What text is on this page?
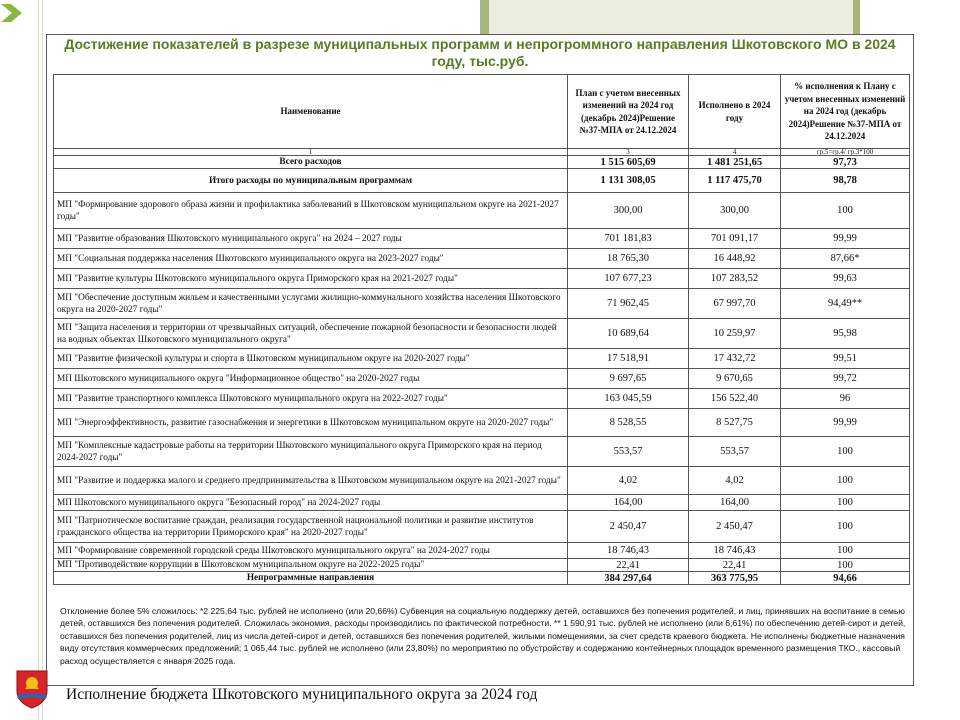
Достижение показателей в разрезе муниципальных программ и непрогроммного направления Шкотовского МО в 2024 году, тыс.руб.
Наименование	План с учетом внесенных изменений на 2024 год (декабрь 2024)Решение №37-МПА от 24.12.2024	Исполнено в 2024 году	% исполнения к Плану с учетом внесенных изменений на 2024 год (декабрь 2024)Решение №37-МПА от 24.12.2024
1	3	4	гр.5=гр.4/ гр.3*100
Всего расходов	1 515 605,69	1 481 251,65	97,73
Итого расходы по муниципальным программам	1 131 308,05	1 117 475,70	98,78
МП "Формирование здорового образа жизни и профилактика заболеваний в Шкотовском муниципальном округе на 2021-2027 годы"	300,00	300,00	100
МП "Развитие образования Шкотовского муниципального округа" на 2024 – 2027 годы	701 181,83	701 091,17	99,99
МП "Социальная поддержка населения Шкотовского муниципального округа на 2023-2027 годы"	18 765,30	16 448,92	87,66*
МП "Развитие культуры Шкотовского муниципального округа Приморского края на 2021-2027 годы"	107 677,23	107 283,52	99,63
МП "Обеспечение доступным жильем и качественными услугами жилищно-коммунального хозяйства населения Шкотовского округа на 2020-2027 годы"	71 962,45	67 997,70	94,49**
МП "Защита населения и территории от чрезвычайных ситуаций, обеспечение пожарной безопасности и безопасности людей на водных объектах Шкотовского муниципального округа"	10 689,64	10 259,97	95,98
МП "Развитие физической культуры и спорта в Шкотовском муниципальном округе на 2020-2027 годы"	17 518,91	17 432,72	99,51
МП Шкотовского муниципального округа "Информационное общество" на 2020-2027 годы	9 697,65	9 670,65	99,72
МП "Развитие транспортного комплекса Шкотовского муниципального округа на 2022-2027 годы"	163 045,59	156 522,40	96
МП "Энергоэффективность, развитие газоснабжения и энергетики в Шкотовском муниципальном округе на 2020-2027 годы"	8 528,55	8 527,75	99,99
МП "Комплексные кадастровые работы на территории Шкотовского муниципального округа Приморского края на период 2024-2027 годы"	553,57	553,57	100
МП "Развитие и поддержка малого и среднего предпринимательства в Шкотовском муниципальном округе на 2021-2027 годы"	4,02	4,02	100
МП Шкотовского муниципального округа "Безопасный город" на 2024-2027 годы	164,00	164,00	100
МП "Патриотическое воспитание граждан, реализация государственной национальной политики и развитие институтов гражданского общества на территории Приморского края" на 2020-2027 годы"	2 450,47	2 450,47	100
МП "Формирование современной городской среды Шкотовского муниципального округа" на 2024-2027 годы	18 746,43	18 746,43	100
МП "Противодействие коррупции в Шкотовском муниципальном округе на 2022-2025 годы"	22,41	22,41	100
Непрограммные направления	384 297,64	363 775,95	94,66
Отклонение более 5% сложилось: *2 225,64 тыс. рублей не исполнено (или 20,66%) Субвенция на социальную поддержку детей, оставшихся без попечения родителей, и лиц, принявших на воспитание в семью детей, оставшихся без попечения родителей. Сложилась экономия, расходы производились по фактической потребности. ** 1 590,91 тыс. рублей не исполнено (или 6,61%) по обеспечению детей-сирот и детей, оставшихся без попечения родителей, лиц из числа детей-сирот и детей, оставшихся без попечения родителей, жилыми помещениями, за счет средств краевого бюджета. Не исполнены бюджетные назначения виду отсутствия коммерческих предложений; 1 065,44 тыс. рублей не исполнено (или 23,80%) по мероприятию по обустройству и содержанию контейнерных площадок временного размещения ТКО., кассовый расход осуществляется с января 2025 года.
Исполнение бюджета Шкотовского муниципального округа за 2024 год
